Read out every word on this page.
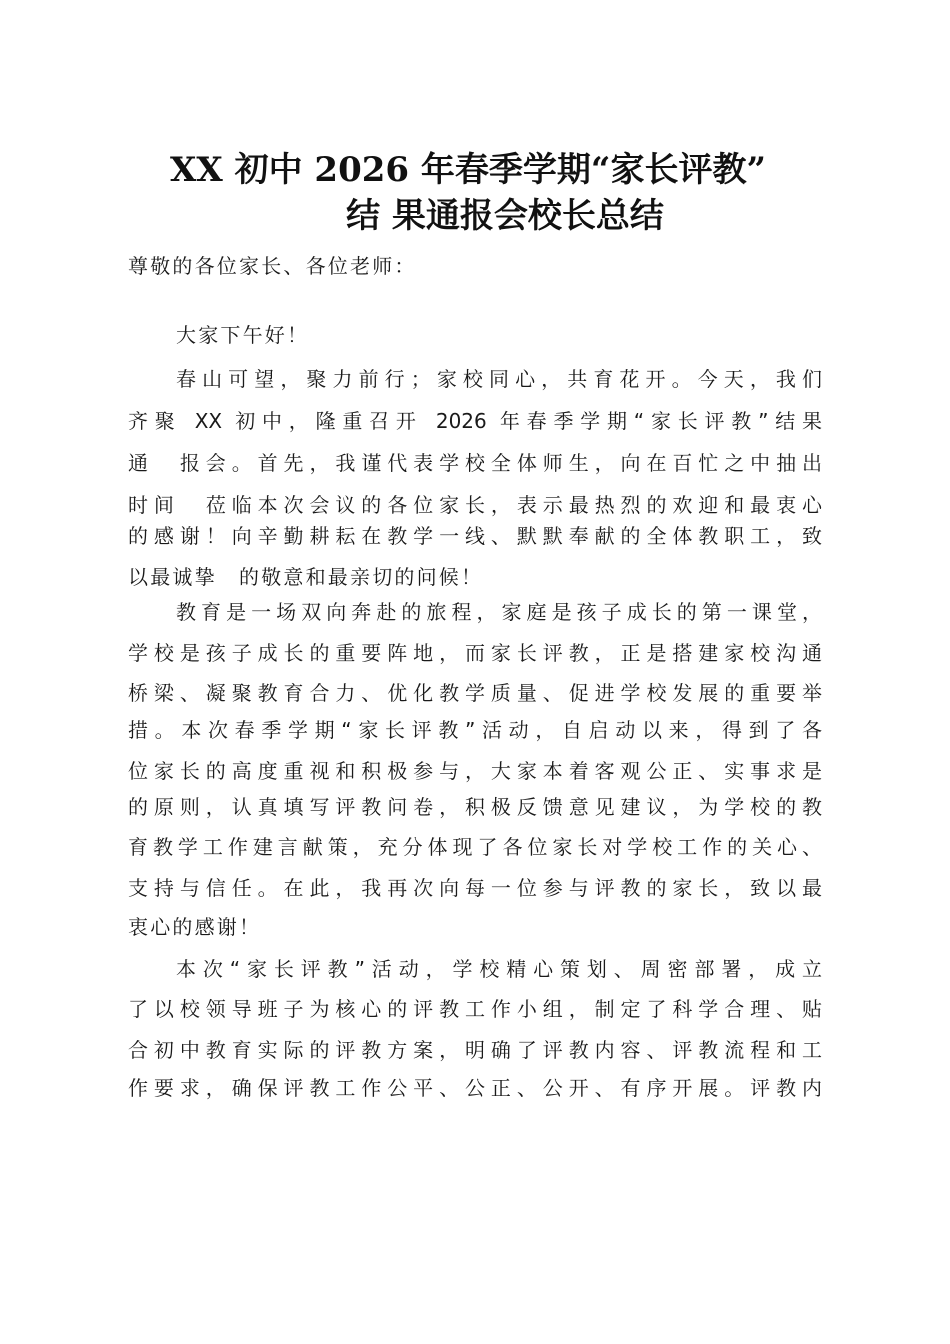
XX 初中 2026 年春季学期“家长评教”
结 果通报会校长总结
尊敬的各位家长、各位老师：
大家下午好！
春山可望，聚力前行；家校同心，共育花开。今天，我们
齐聚 XX 初中，隆重召开 2026 年春季学期“家长评教”结果
通　报会。首先，我谨代表学校全体师生，向在百忙之中抽出
时间　莅临本次会议的各位家长，表示最热烈的欢迎和最衷心
的感谢！向辛勤耕耘在教学一线、默默奉献的全体教职工，致
以最诚挚　的敬意和最亲切的问候！
教育是一场双向奔赴的旅程，家庭是孩子成长的第一课堂，
学校是孩子成长的重要阵地，而家长评教，正是搭建家校沟通
桥梁、凝聚教育合力、优化教学质量、促进学校发展的重要举
措。本次春季学期“家长评教”活动，自启动以来，得到了各
位家长的高度重视和积极参与，大家本着客观公正、实事求是
的原则，认真填写评教问卷，积极反馈意见建议，为学校的教
育教学工作建言献策，充分体现了各位家长对学校工作的关心、
支持与信任。在此，我再次向每一位参与评教的家长，致以最
衷心的感谢！
本次“家长评教”活动，学校精心策划、周密部署，成立
了以校领导班子为核心的评教工作小组，制定了科学合理、贴
合初中教育实际的评教方案，明确了评教内容、评教流程和工
作要求，确保评教工作公平、公正、公开、有序开展。评教内
